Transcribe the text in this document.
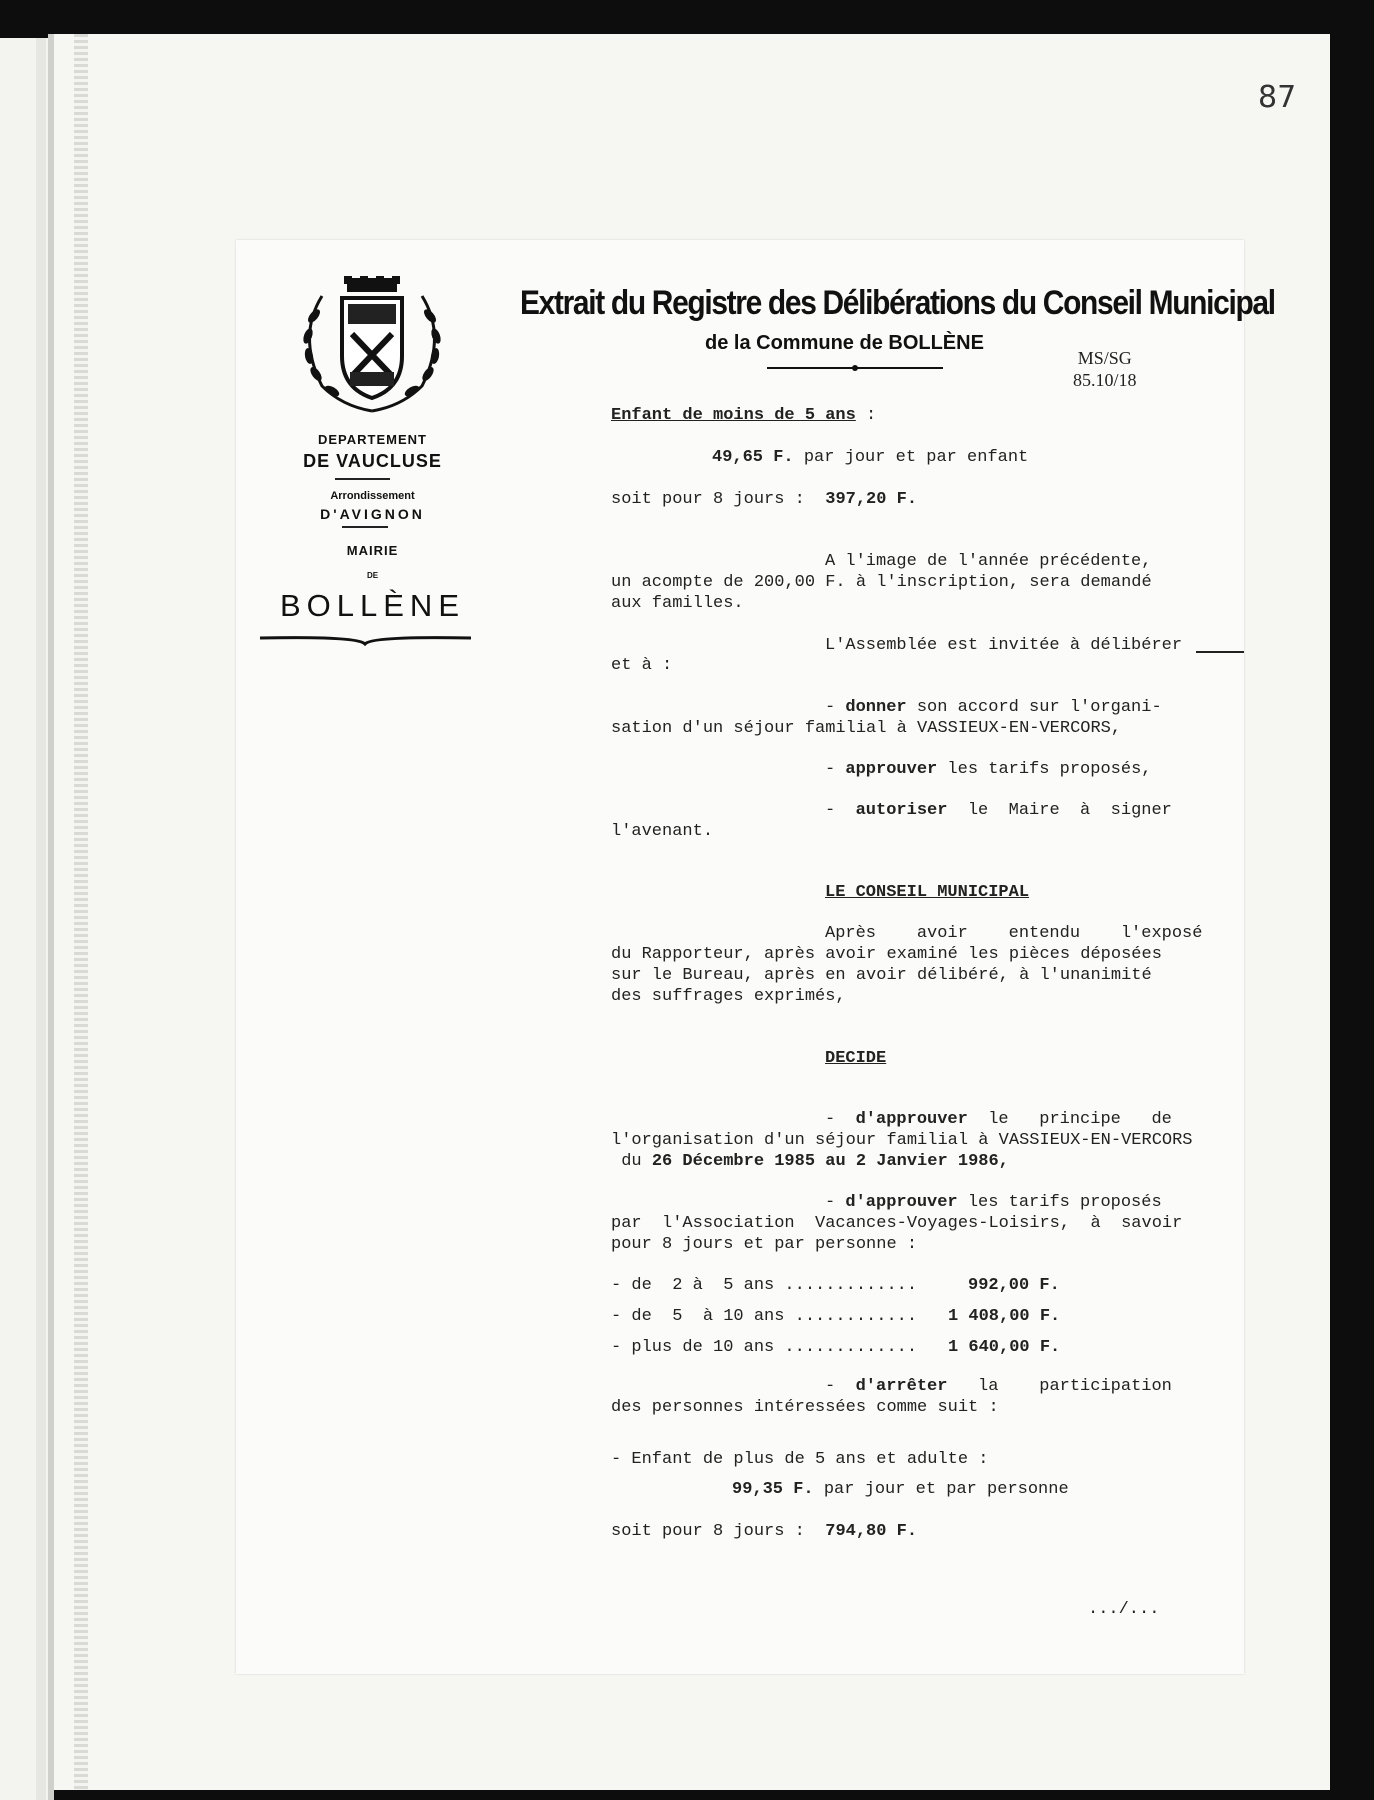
87
DEPARTEMENT
DE VAUCLUSE
Arrondissement
D'AVIGNON
MAIRIE
DE
BOLLÈNE
Extrait du Registre des Délibérations du Conseil Municipal
de la Commune de BOLLÈNE
MS/SG
85.10/18
Enfant de moins de 5 ans :
49,65 F. par jour et par enfant
soit pour 8 jours :  397,20 F.
A l'image de l'année précédente,
un acompte de 200,00 F. à l'inscription, sera demandé
aux familles.
L'Assemblée est invitée à délibérer
et à :
- donner son accord sur l'organi-
sation d'un séjour familial à VASSIEUX-EN-VERCORS,
- approuver les tarifs proposés,
-  autoriser  le  Maire  à  signer
l'avenant.
LE CONSEIL MUNICIPAL
Après    avoir    entendu    l'exposé
du Rapporteur, après avoir examiné les pièces déposées
sur le Bureau, après en avoir délibéré, à l'unanimité
des suffrages exprimés,
DECIDE
-  d'approuver  le   principe   de
l'organisation d'un séjour familial à VASSIEUX-EN-VERCORS
du 26 Décembre 1985 au 2 Janvier 1986,
- d'approuver les tarifs proposés
par  l'Association  Vacances-Voyages-Loisirs,  à  savoir
pour 8 jours et par personne :
- de  2 à  5 ans .............	992,00 F.
- de  5  à 10 ans ............ 1 408,00 F.
- plus de 10 ans ............. 1 640,00 F.
-  d'arrêter   la    participation
des personnes intéressées comme suit :
- Enfant de plus de 5 ans et adulte :
99,35 F. par jour et par personne
soit pour 8 jours :  794,80 F.
.../...
